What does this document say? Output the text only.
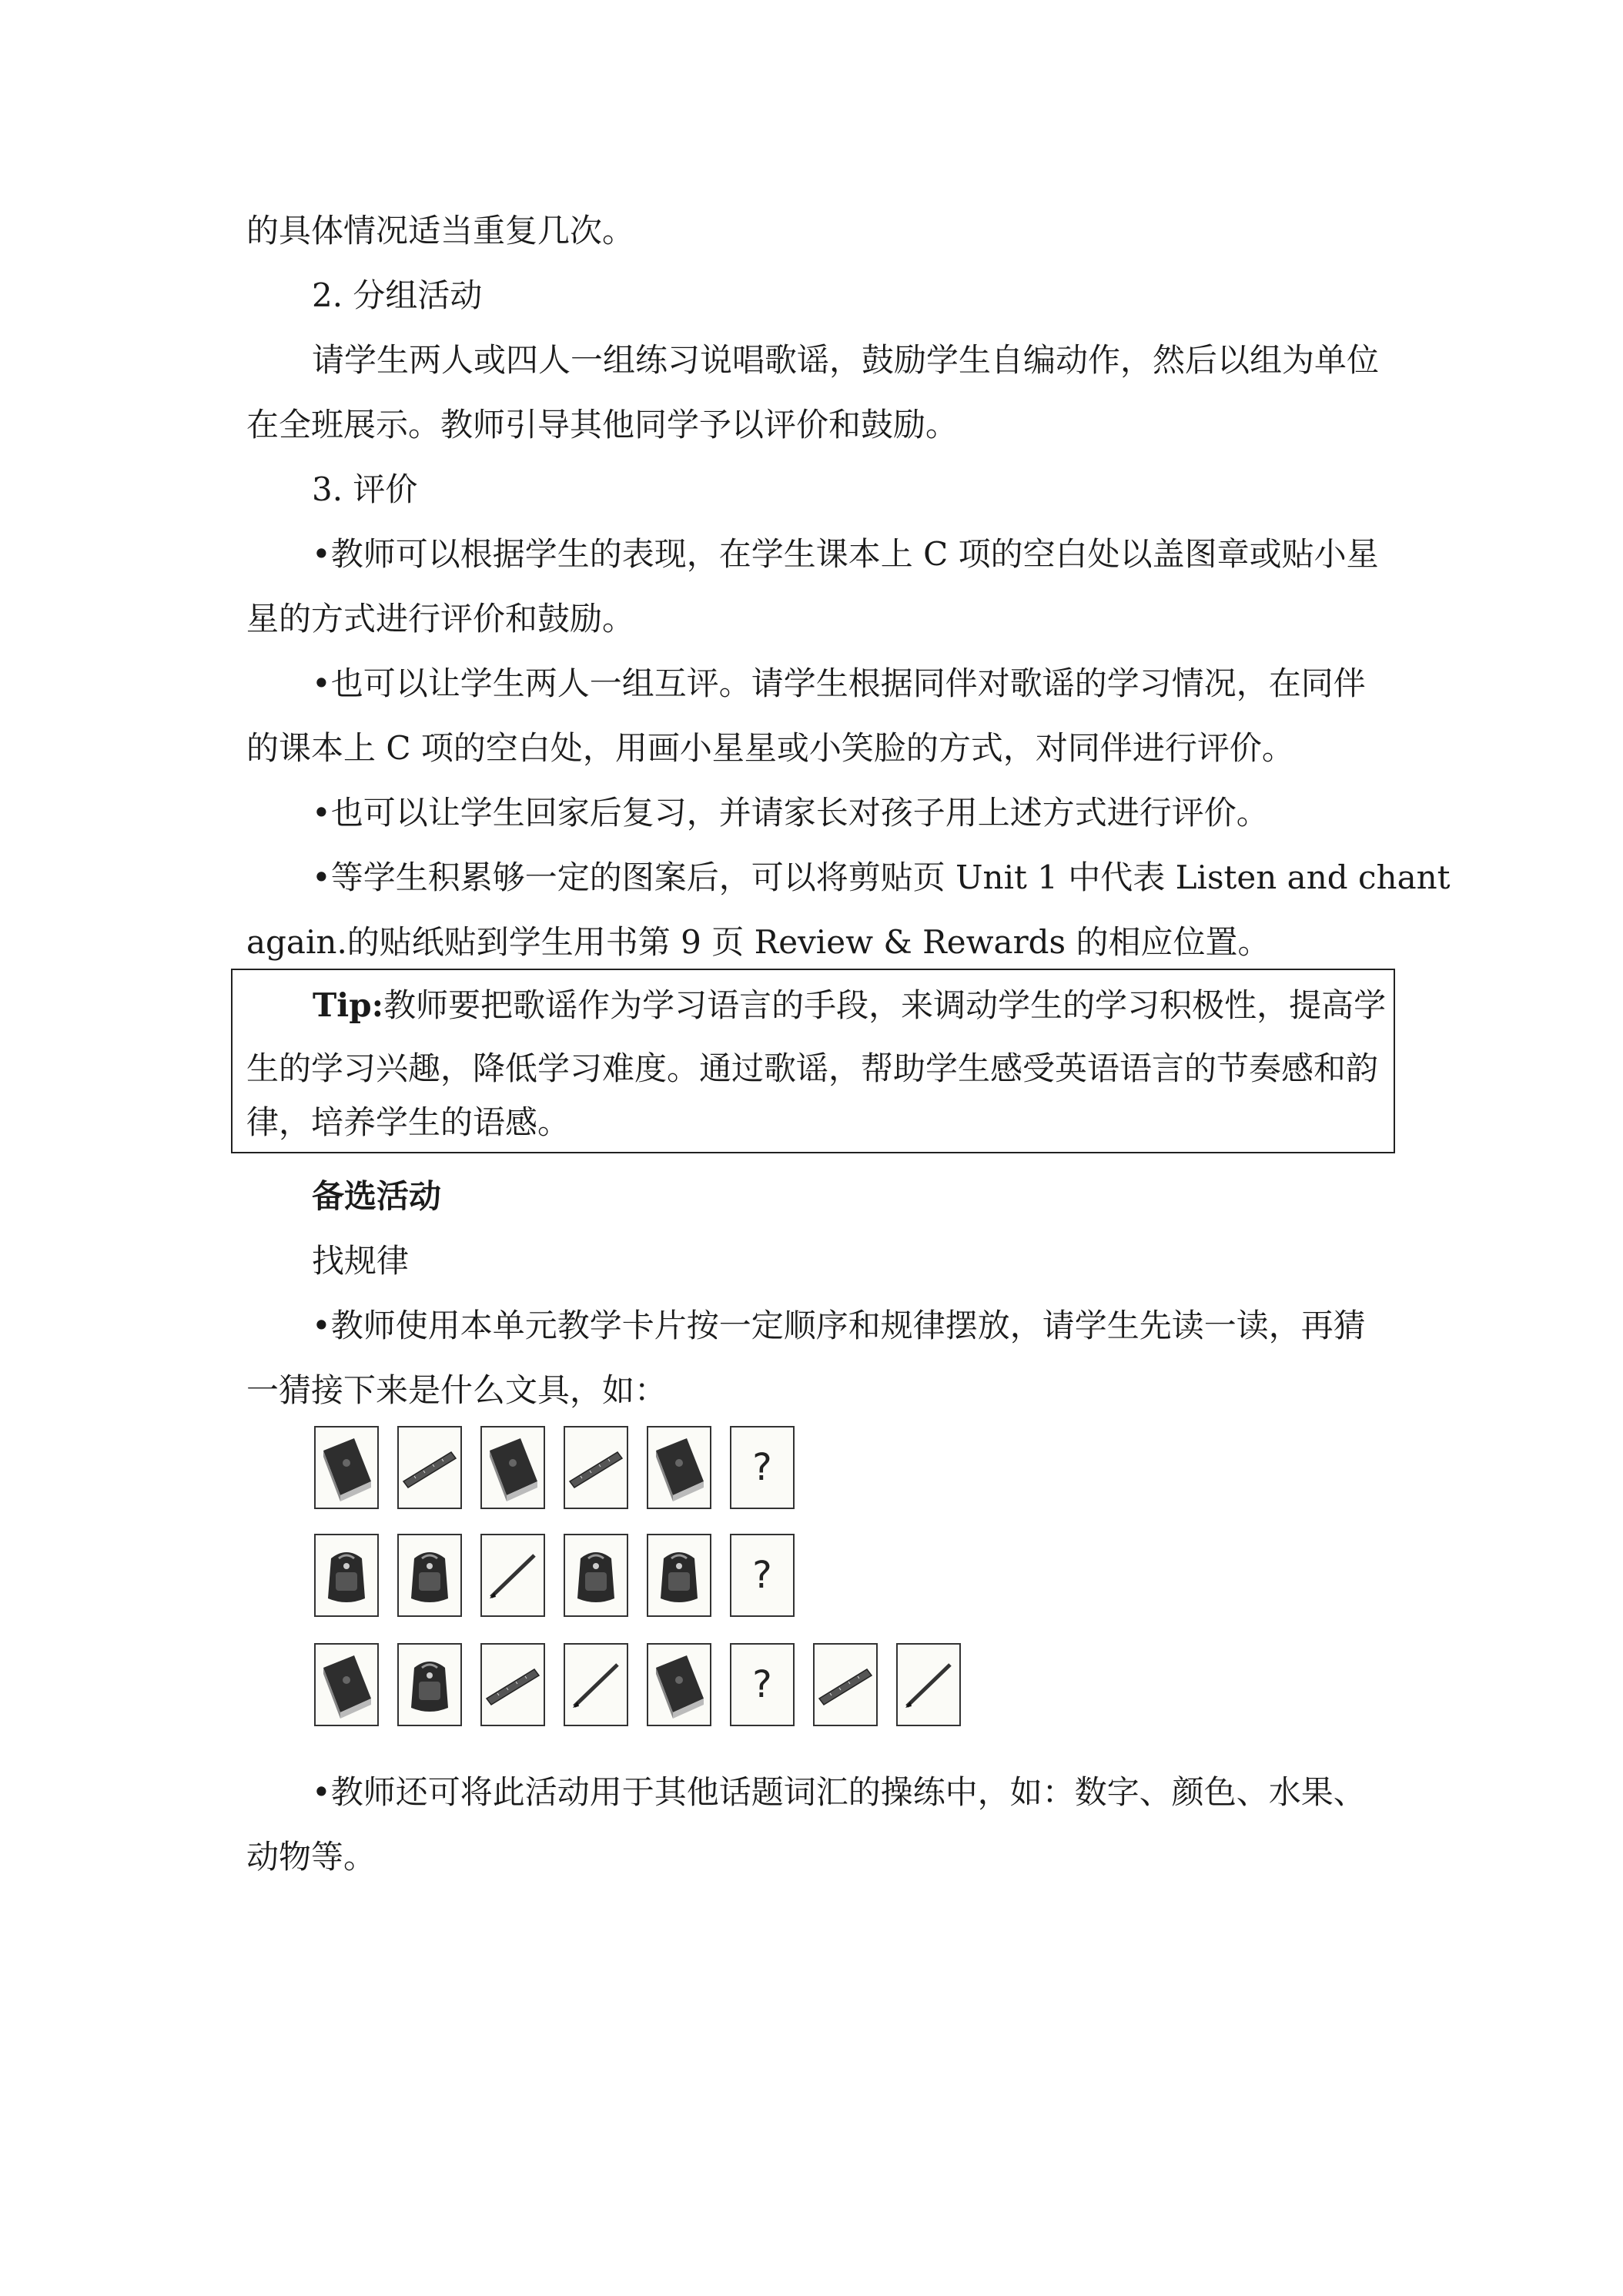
的具体情况适当重复几次。
2. 分组活动
请学生两人或四人一组练习说唱歌谣，鼓励学生自编动作，然后以组为单位
在全班展示。教师引导其他同学予以评价和鼓励。
3. 评价
•教师可以根据学生的表现，在学生课本上 C 项的空白处以盖图章或贴小星
星的方式进行评价和鼓励。
•也可以让学生两人一组互评。请学生根据同伴对歌谣的学习情况，在同伴
的课本上 C 项的空白处，用画小星星或小笑脸的方式，对同伴进行评价。
•也可以让学生回家后复习，并请家长对孩子用上述方式进行评价。
•等学生积累够一定的图案后，可以将剪贴页 Unit 1 中代表 Listen and chant
again.的贴纸贴到学生用书第 9 页 Review & Rewards 的相应位置。
Tip:教师要把歌谣作为学习语言的手段，来调动学生的学习积极性，提高学
生的学习兴趣，降低学习难度。通过歌谣，帮助学生感受英语语言的节奏感和韵
律，培养学生的语感。
备选活动
找规律
•教师使用本单元教学卡片按一定顺序和规律摆放，请学生先读一读，再猜
一猜接下来是什么文具，如：
?
?
?
•教师还可将此活动用于其他话题词汇的操练中，如：数字、颜色、水果、
动物等。
